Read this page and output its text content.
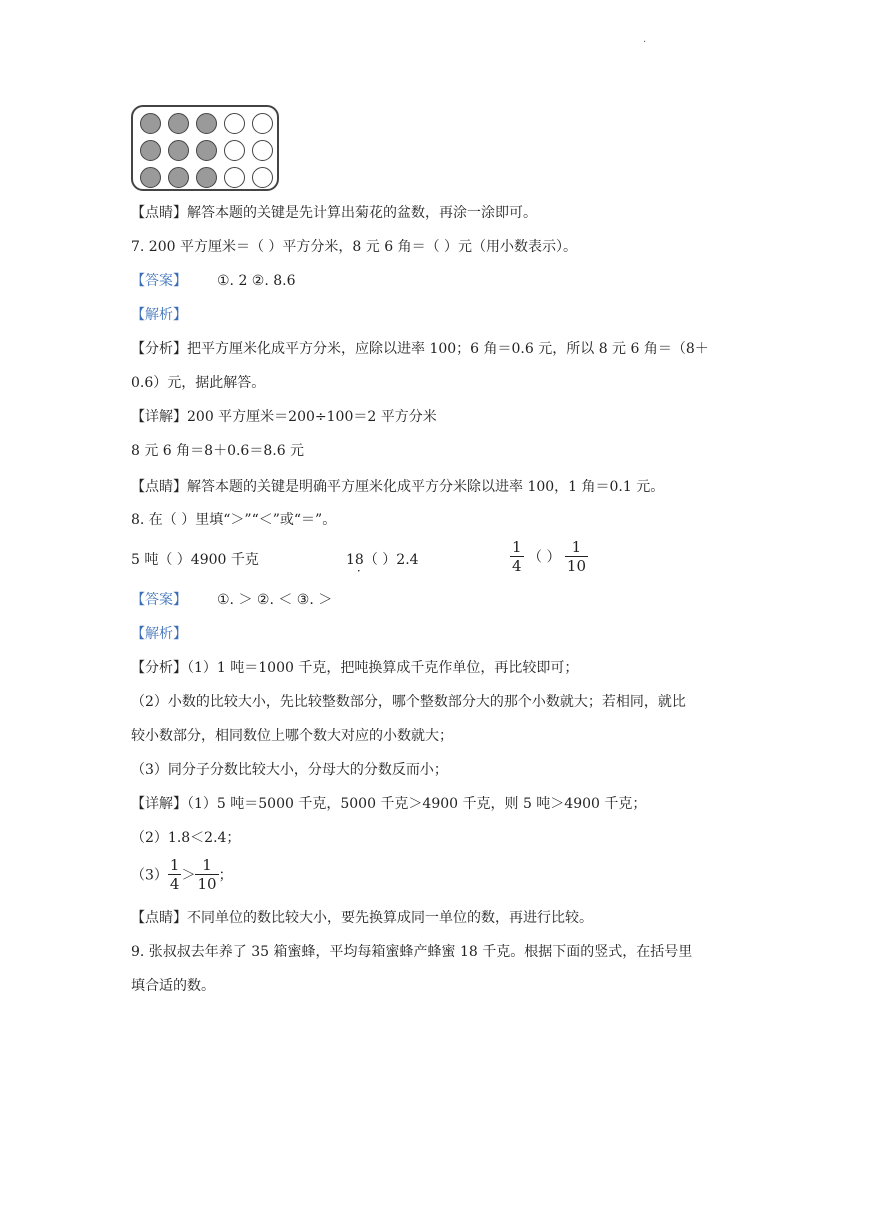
.
【点睛】解答本题的关键是先计算出菊花的盆数，再涂一涂即可。
7. 200 平方厘米＝（ ）平方分米，8 元 6 角＝（ ）元（用小数表示）。
【答案】 ①. 2 ②. 8.6
【解析】
【分析】把平方厘米化成平方分米，应除以进率 100；6 角＝0.6 元，所以 8 元 6 角＝（8＋
0.6）元，据此解答。
【详解】200 平方厘米＝200÷100＝2 平方分米
8 元 6 角＝8＋0.6＝8.6 元
【点睛】解答本题的关键是明确平方厘米化成平方分米除以进率 100，1 角＝0.1 元。
8. 在（ ）里填“＞”“＜”或“＝”。
5 吨（ ）4900 千克	18 ·（ ）2.4	$\frac{1}{4}$ （ ） $\frac{1}{10}$
【答案】 ①. ＞ ②. ＜ ③. ＞
【解析】
【分析】（1）1 吨＝1000 千克，把吨换算成千克作单位，再比较即可；
（2）小数的比较大小，先比较整数部分，哪个整数部分大的那个小数就大；若相同，就比
较小数部分，相同数位上哪个数大对应的小数就大；
（3）同分子分数比较大小，分母大的分数反而小；
【详解】（1）5 吨＝5000 千克，5000 千克＞4900 千克，则 5 吨＞4900 千克；
（2）1.8＜2.4；
$(3) \frac{1}{4} > \frac{1}{10}$ ；
【点睛】不同单位的数比较大小，要先换算成同一单位的数，再进行比较。
9. 张叔叔去年养了 35 箱蜜蜂，平均每箱蜜蜂产蜂蜜 18 千克。根据下面的竖式，在括号里
填合适的数。
